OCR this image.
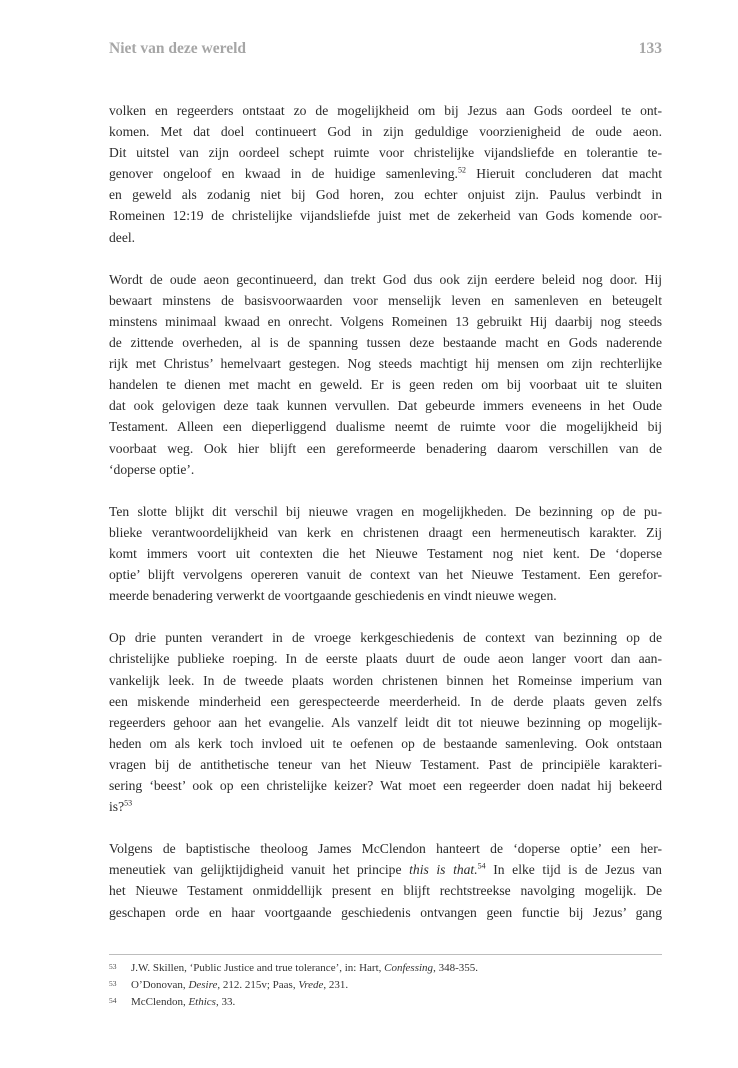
Niet van deze wereld	133
volken en regeerders ontstaat zo de mogelijkheid om bij Jezus aan Gods oordeel te ont-
komen. Met dat doel continueert God in zijn geduldige voorzienigheid de oude aeon.
Dit uitstel van zijn oordeel schept ruimte voor christelijke vijandsliefde en tolerantie te-
genover ongeloof en kwaad in de huidige samenleving.$^{52}$ Hieruit concluderen dat macht
en geweld als zodanig niet bij God horen, zou echter onjuist zijn. Paulus verbindt in
Romeinen 12:19 de christelijke vijandsliefde juist met de zekerheid van Gods komende oor-
deel.
Wordt de oude aeon gecontinueerd, dan trekt God dus ook zijn eerdere beleid nog door. Hij
bewaart minstens de basisvoorwaarden voor menselijk leven en samenleven en beteugelt
minstens minimaal kwaad en onrecht. Volgens Romeinen 13 gebruikt Hij daarbij nog steeds
de zittende overheden, al is de spanning tussen deze bestaande macht en Gods naderende
rijk met Christus’ hemelvaart gestegen. Nog steeds machtigt hij mensen om zijn rechterlijke
handelen te dienen met macht en geweld. Er is geen reden om bij voorbaat uit te sluiten
dat ook gelovigen deze taak kunnen vervullen. Dat gebeurde immers eveneens in het Oude
Testament. Alleen een dieperliggend dualisme neemt de ruimte voor die mogelijkheid bij
voorbaat weg. Ook hier blijft een gereformeerde benadering daarom verschillen van de
‘doperse optie’.
Ten slotte blijkt dit verschil bij nieuwe vragen en mogelijkheden. De bezinning op de pu-
blieke verantwoordelijkheid van kerk en christenen draagt een hermeneutisch karakter. Zij
komt immers voort uit contexten die het Nieuwe Testament nog niet kent. De ‘doperse
optie’ blijft vervolgens opereren vanuit de context van het Nieuwe Testament. Een gerefor-
meerde benadering verwerkt de voortgaande geschiedenis en vindt nieuwe wegen.
Op drie punten verandert in de vroege kerkgeschiedenis de context van bezinning op de
christelijke publieke roeping. In de eerste plaats duurt de oude aeon langer voort dan aan-
vankelijk leek. In de tweede plaats worden christenen binnen het Romeinse imperium van
een miskende minderheid een gerespecteerde meerderheid. In de derde plaats geven zelfs
regeerders gehoor aan het evangelie. Als vanzelf leidt dit tot nieuwe bezinning op mogelijk-
heden om als kerk toch invloed uit te oefenen op de bestaande samenleving. Ook ontstaan
vragen bij de antithetische teneur van het Nieuw Testament. Past de principiële karakteri-
sering ‘beest’ ook op een christelijke keizer? Wat moet een regeerder doen nadat hij bekeerd
is?$^{53}$
Volgens de baptistische theoloog James McClendon hanteert de ‘doperse optie’ een her-
meneutiek van gelijktijdigheid vanuit het principe this is that.$^{54}$ In elke tijd is de Jezus van
het Nieuwe Testament onmiddellijk present en blijft rechtstreekse navolging mogelijk. De
geschapen orde en haar voortgaande geschiedenis ontvangen geen functie bij Jezus’ gang
53	J.W. Skillen, ‘Public Justice and true tolerance’, in: Hart, Confessing, 348-355.
53	O’Donovan, Desire, 212. 215v; Paas, Vrede, 231.
54	McClendon, Ethics, 33.
